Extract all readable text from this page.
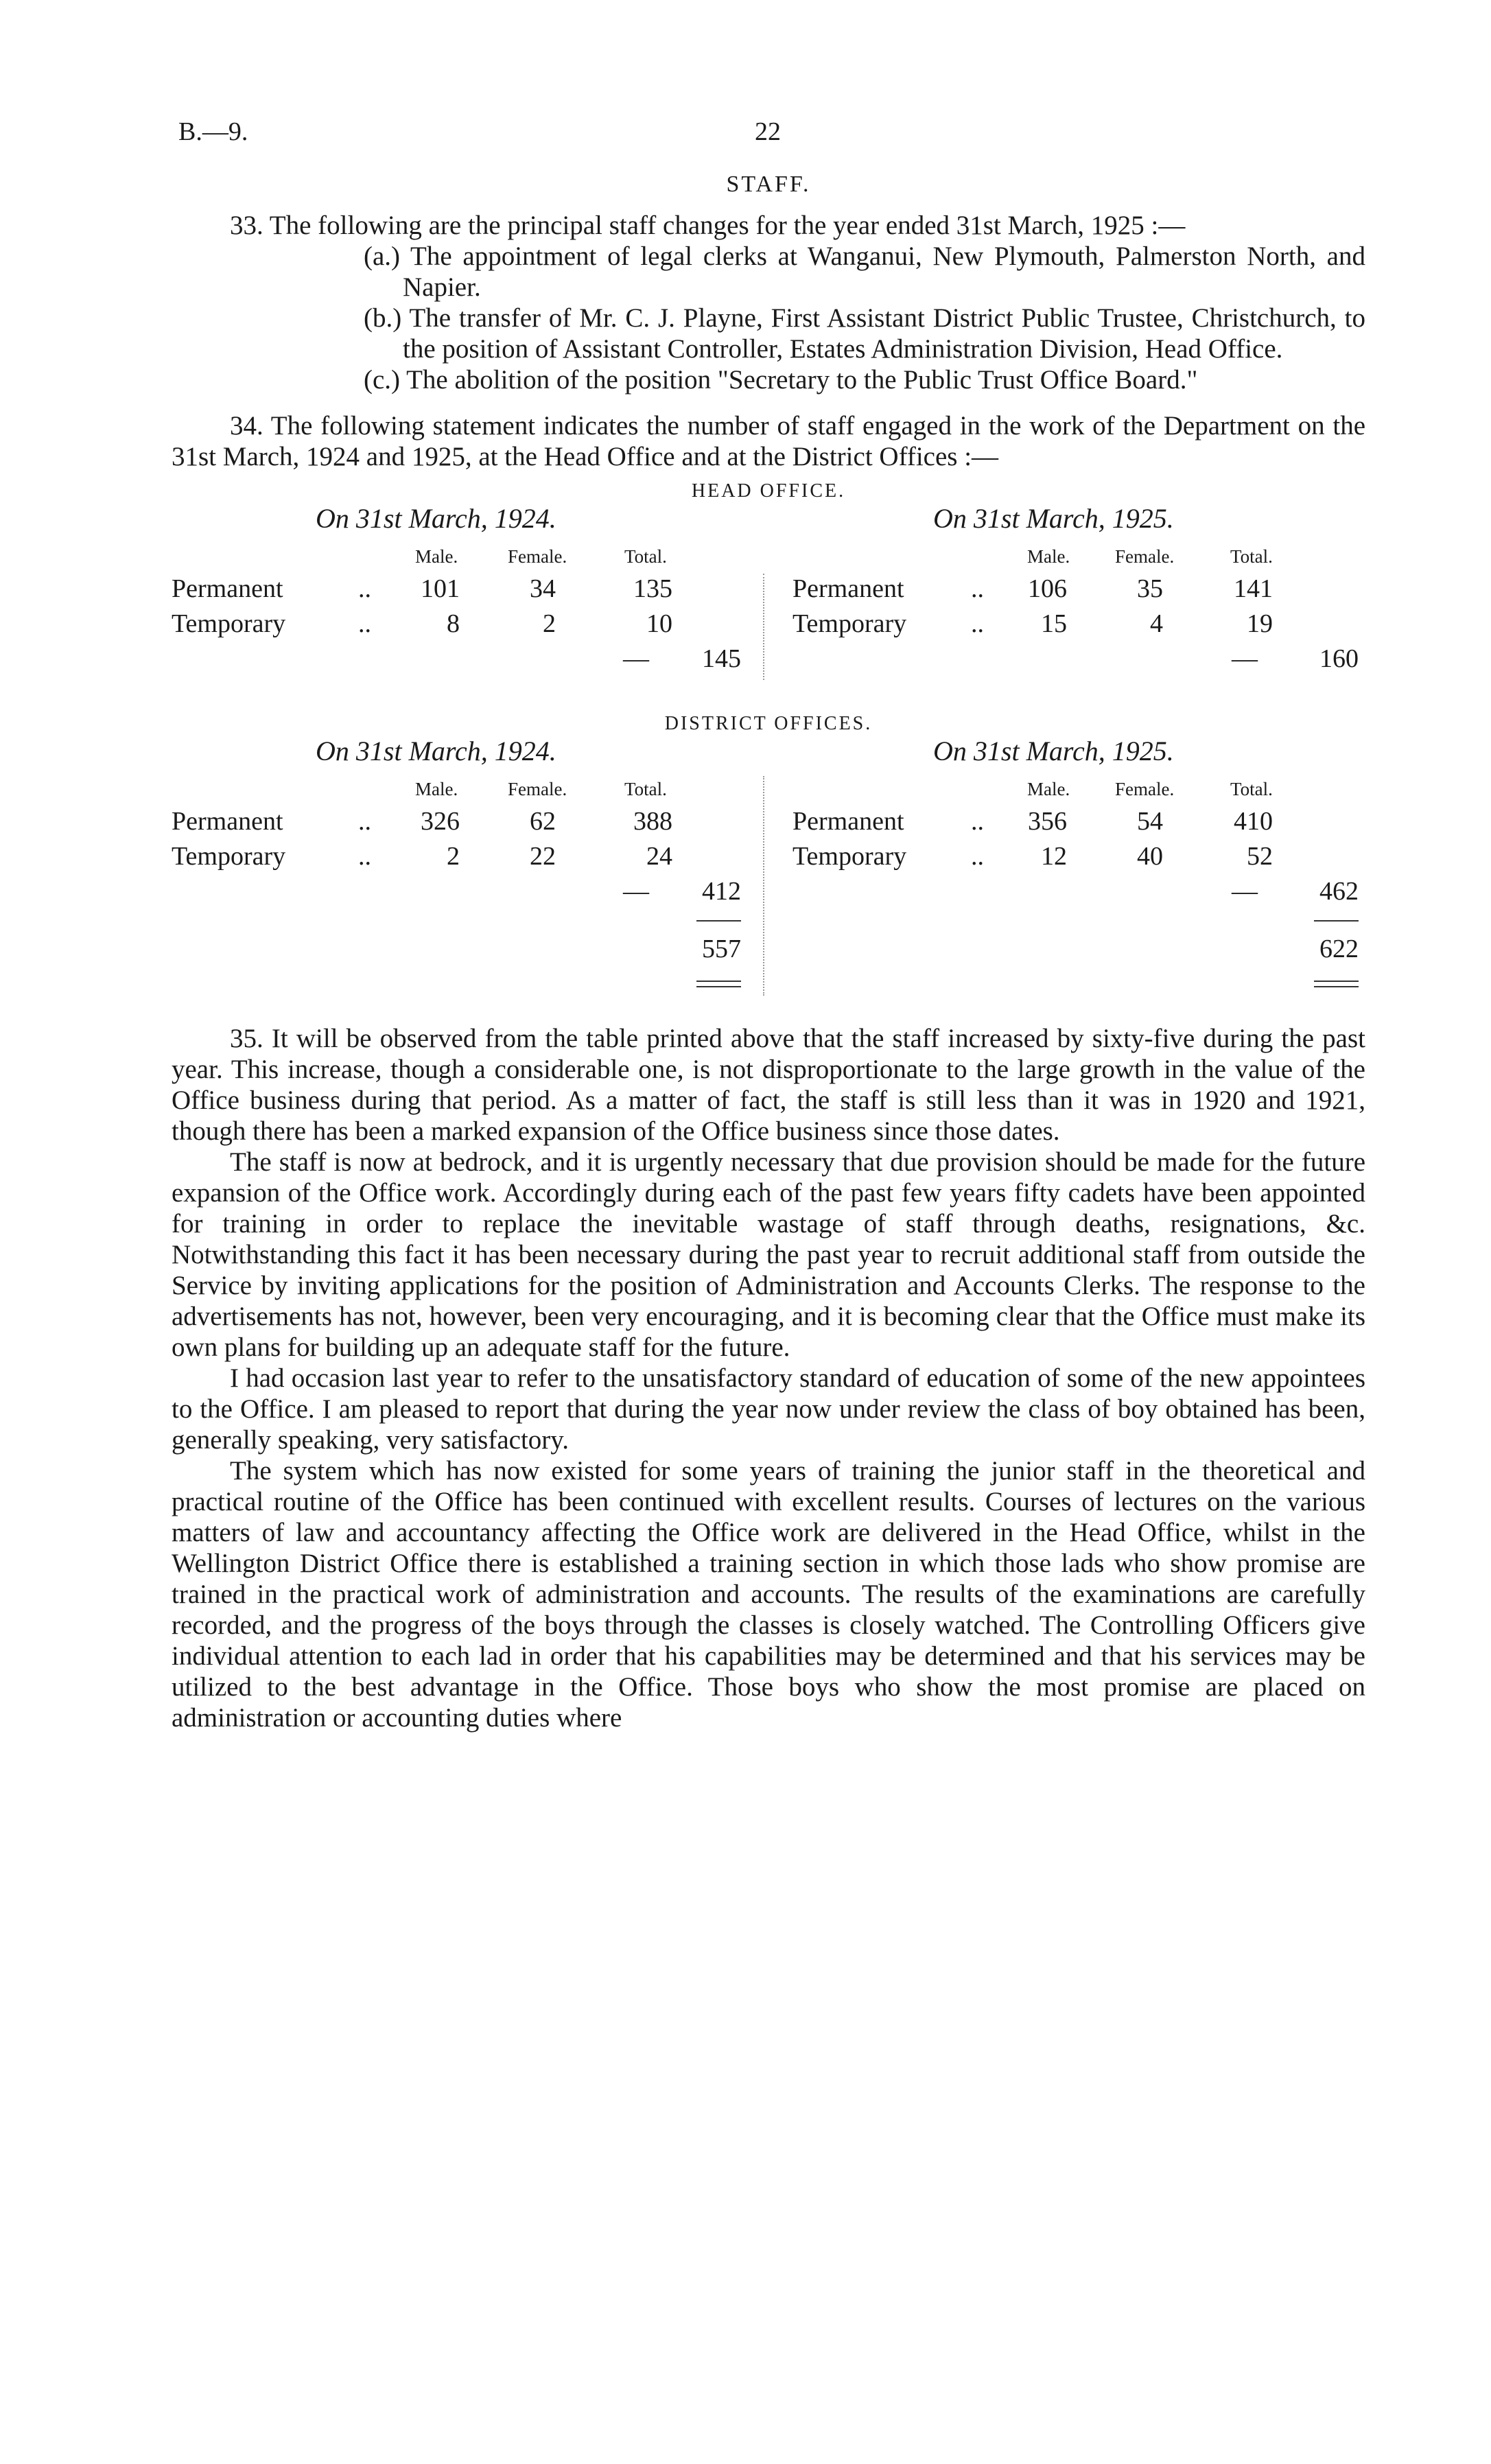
B.—9.	22
STAFF.

33. The following are the principal staff changes for the year ended 31st March, 1925 :—

(a.) The appointment of legal clerks at Wanganui, New Plymouth, Palmerston North, and Napier.

(b.) The transfer of Mr. C. J. Playne, First Assistant District Public Trustee, Christchurch, to the position of Assistant Controller, Estates Administration Division, Head Office.

(c.) The abolition of the position "Secretary to the Public Trust Office Board."

34. The following statement indicates the number of staff engaged in the work of the Department on the 31st March, 1924 and 1925, at the Head Office and at the District Offices :—

HEAD OFFICE.
On 31st March, 1924.	On 31st March, 1925.
Male.	Female.	Total.	Male. Female.	Total.
Permanent	..	101	34	135
Temporary	..	8	2	10
—	145
Permanent	..	106	35	141
Temporary ..	15	4	19
—	160
DISTRICT OFFICES.
On 31st March, 1924.	On 31st March, 1925.
Male.	Female.	Total.	Male. Female.	Total.
Permanent	..	326	62	388
Temporary	..	2	22	24
—	412
557
Permanent	..	356	54	410
Temporary ..	12	40	52
—	462
622

35. It will be observed from the table printed above that the staff increased by sixty-five during the past year. This increase, though a considerable one, is not disproportionate to the large growth in the value of the Office business during that period. As a matter of fact, the staff is still less than it was in 1920 and 1921, though there has been a marked expansion of the Office business since those dates.

The staff is now at bedrock, and it is urgently necessary that due provision should be made for the future expansion of the Office work. Accordingly during each of the past few years fifty cadets have been appointed for training in order to replace the inevitable wastage of staff through deaths, resignations, &c. Notwithstanding this fact it has been necessary during the past year to recruit additional staff from outside the Service by inviting applications for the position of Administration and Accounts Clerks. The response to the advertisements has not, however, been very encouraging, and it is becoming clear that the Office must make its own plans for building up an adequate staff for the future.

I had occasion last year to refer to the unsatisfactory standard of education of some of the new appointees to the Office. I am pleased to report that during the year now under review the class of boy obtained has been, generally speaking, very satisfactory.

The system which has now existed for some years of training the junior staff in the theoretical and practical routine of the Office has been continued with excellent results. Courses of lectures on the various matters of law and accountancy affecting the Office work are delivered in the Head Office, whilst in the Wellington District Office there is established a training section in which those lads who show promise are trained in the practical work of administration and accounts. The results of the examinations are carefully recorded, and the progress of the boys through the classes is closely watched. The Controlling Officers give individual attention to each lad in order that his capabilities may be determined and that his services may be utilized to the best advantage in the Office. Those boys who show the most promise are placed on administration or accounting duties where
